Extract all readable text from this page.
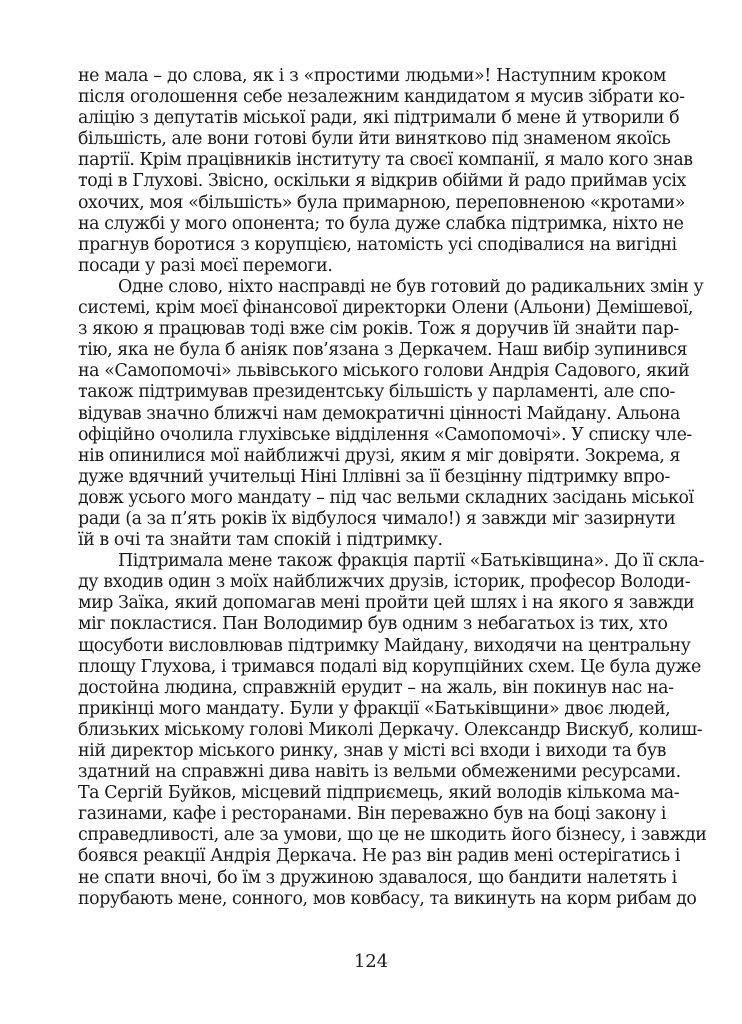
не мала – до слова, як і з «простими людьми»! Наступним кроком
після оголошення себе незалежним кандидатом я мусив зібрати ко-
аліцію з депутатів міської ради, які підтримали б мене й утворили б
більшість, але вони готові були йти винятково під знаменом якоїсь
партії. Крім працівників інституту та своєї компанії, я мало кого знав
тоді в Глухові. Звісно, оскільки я відкрив обійми й радо приймав усіх
охочих, моя «більшість» була примарною, переповненою «кротами»
на службі у мого опонента; то була дуже слабка підтримка, ніхто не
прагнув боротися з корупцією, натомість усі сподівалися на вигідні
посади у разі моєї перемоги.
Одне слово, ніхто насправді не був готовий до радикальних змін у
системі, крім моєї фінансової директорки Олени (Альони) Демішевої,
з якою я працював тоді вже сім років. Тож я доручив їй знайти пар-
тію, яка не була б аніяк пов’язана з Деркачем. Наш вибір зупинився
на «Самопомочі» львівського міського голови Андрія Садового, який
також підтримував президентську більшість у парламенті, але спо-
відував значно ближчі нам демократичні цінності Майдану. Альона
офіційно очолила глухівське відділення «Самопомочі». У списку чле-
нів опинилися мої найближчі друзі, яким я міг довіряти. Зокрема, я
дуже вдячний учительці Ніні Іллівні за її безцінну підтримку впро-
довж усього мого мандату – під час вельми складних засідань міської
ради (а за п’ять років їх відбулося чимало!) я завжди міг зазирнути
їй в очі та знайти там спокій і підтримку.
Підтримала мене також фракція партії «Батьківщина». До її скла-
ду входив один з моїх найближчих друзів, історик, професор Володи-
мир Заїка, який допомагав мені пройти цей шлях і на якого я завжди
міг покластися. Пан Володимир був одним з небагатьох із тих, хто
щосуботи висловлював підтримку Майдану, виходячи на центральну
площу Глухова, і тримався подалі від корупційних схем. Це була дуже
достойна людина, справжній ерудит – на жаль, він покинув нас на-
прикінці мого мандату. Були у фракції «Батьківщини» двоє людей,
близьких міському голові Миколі Деркачу. Олександр Вискуб, колиш-
ній директор міського ринку, знав у місті всі входи і виходи та був
здатний на справжні дива навіть із вельми обмеженими ресурсами.
Та Сергій Буйков, місцевий підприємець, який володів кількома ма-
газинами, кафе і ресторанами. Він переважно був на боці закону і
справедливості, але за умови, що це не шкодить його бізнесу, і завжди
боявся реакції Андрія Деркача. Не раз він радив мені остерігатись і
не спати вночі, бо їм з дружиною здавалося, що бандити налетять і
порубають мене, сонного, мов ковбасу, та викинуть на корм рибам до
124
